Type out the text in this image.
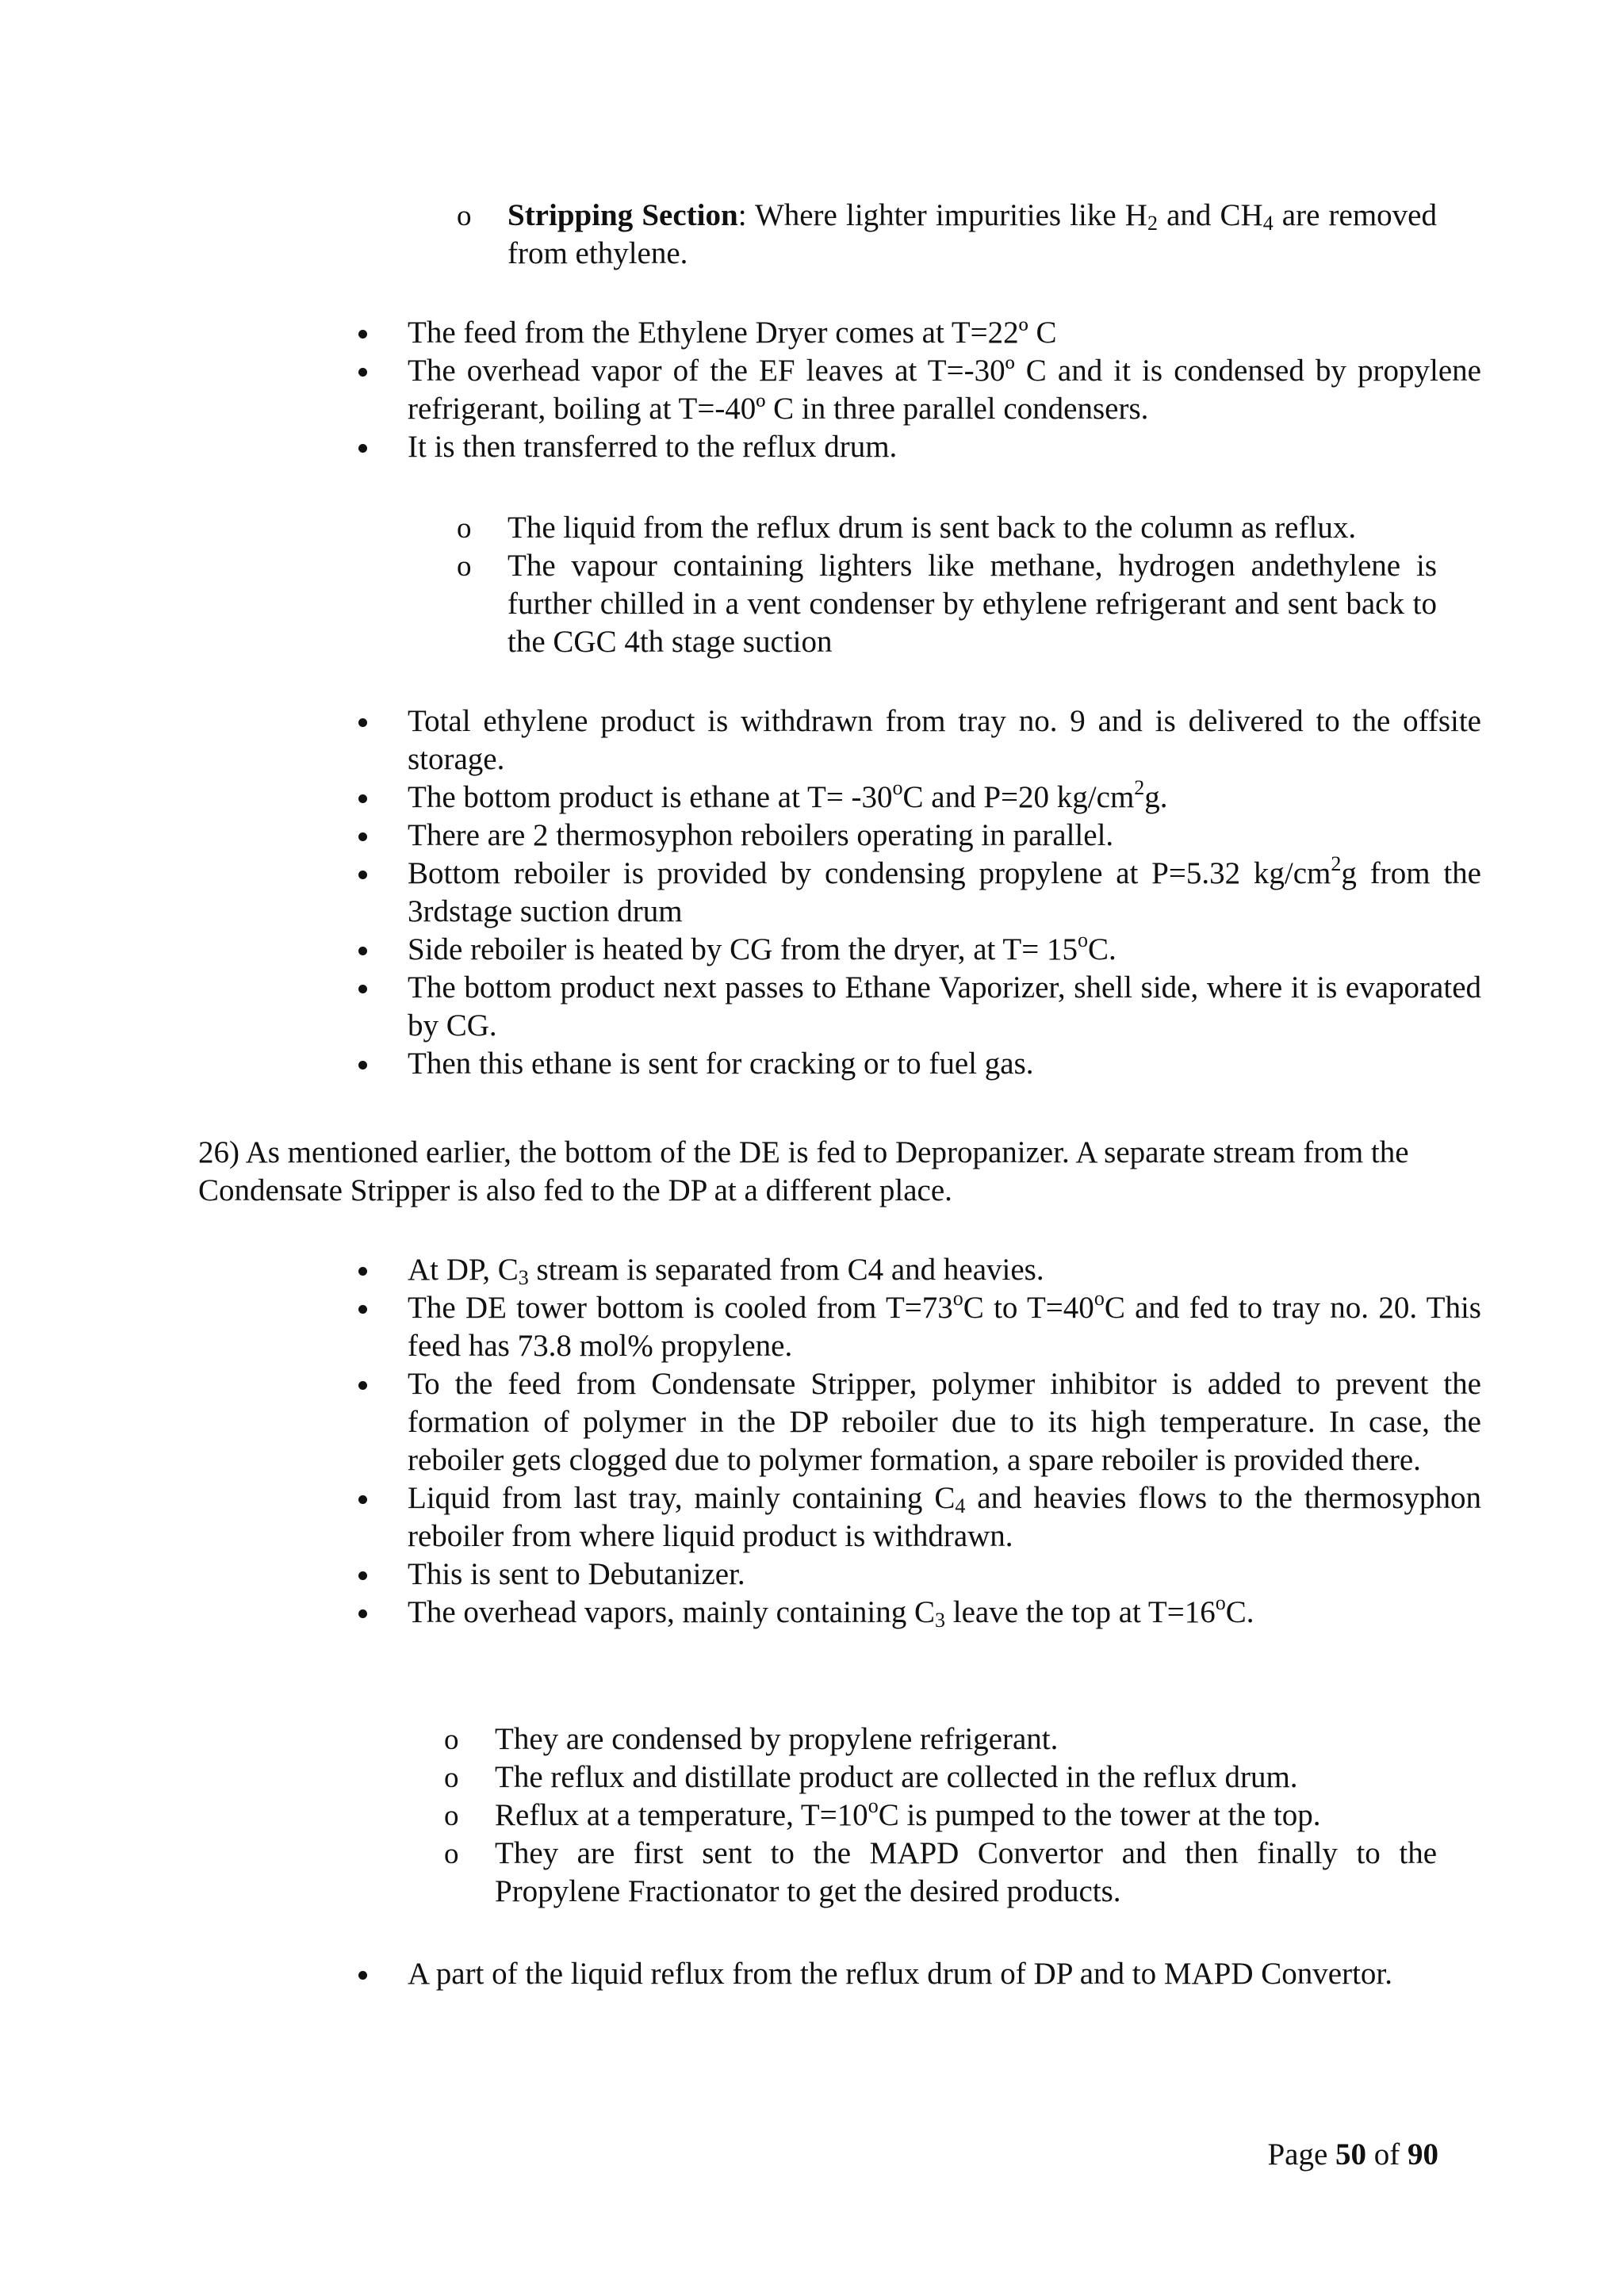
o Stripping Section: Where lighter impurities like $H_2$ and $CH_4$ are removed from ethylene.
The feed from the Ethylene Dryer comes at T=22º C
The overhead vapor of the EF leaves at T=-30º C and it is condensed by propylene refrigerant, boiling at T=-40º C in three parallel condensers.
It is then transferred to the reflux drum.
o The liquid from the reflux drum is sent back to the column as reflux.
o The vapour containing lighters like methane, hydrogen andethylene is further chilled in a vent condenser by ethylene refrigerant and sent back to the CGC 4th stage suction
Total ethylene product is withdrawn from tray no. 9 and is delivered to the offsite storage.
The bottom product is ethane at $T= -30^oC$ and P=20 $kg/cm^2g$.
There are 2 thermosyphon reboilers operating in parallel.
Bottom reboiler is provided by condensing propylene at P=5.32 $kg/cm^2g$ from the 3rdstage suction drum
Side reboiler is heated by CG from the dryer, at $T= 15^oC$.
The bottom product next passes to Ethane Vaporizer, shell side, where it is evaporated by CG.
Then this ethane is sent for cracking or to fuel gas.

26) As mentioned earlier, the bottom of the DE is fed to Depropanizer. A separate stream from the Condensate Stripper is also fed to the DP at a different place.

At DP, $C_3$ stream is separated from C4 and heavies.
The DE tower bottom is cooled from $T=73^oC$ to $T=40^oC$ and fed to tray no. 20. This feed has 73.8 mol% propylene.
To the feed from Condensate Stripper, polymer inhibitor is added to prevent the formation of polymer in the DP reboiler due to its high temperature. In case, the reboiler gets clogged due to polymer formation, a spare reboiler is provided there.
Liquid from last tray, mainly containing $C_4$ and heavies flows to the thermosyphon reboiler from where liquid product is withdrawn.
This is sent to Debutanizer.
The overhead vapors, mainly containing $C_3$ leave the top at $T=16^oC$.
o They are condensed by propylene refrigerant.
o The reflux and distillate product are collected in the reflux drum.
o Reflux at a temperature, $T=10^oC$ is pumped to the tower at the top.
o They are first sent to the MAPD Convertor and then finally to the Propylene Fractionator to get the desired products.
A part of the liquid reflux from the reflux drum of DP and to MAPD Convertor.
Page 50 of 90
